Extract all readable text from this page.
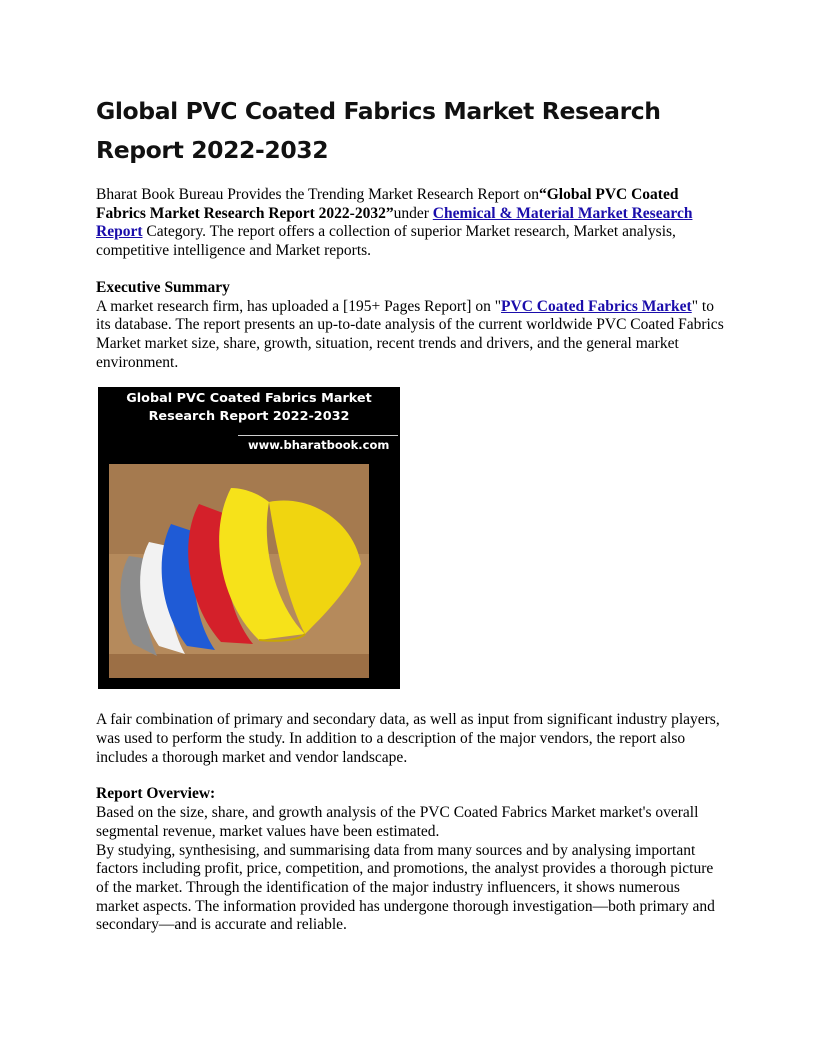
Global PVC Coated Fabrics Market Research Report 2022-2032

Bharat Book Bureau Provides the Trending Market Research Report on“Global PVC Coated Fabrics Market Research Report 2022-2032”under Chemical & Material Market Research Report Category. The report offers a collection of superior Market research, Market analysis, competitive intelligence and Market reports.

Executive Summary

A market research firm, has uploaded a [195+ Pages Report] on "PVC Coated Fabrics Market" to its database. The report presents an up-to-date analysis of the current worldwide PVC Coated Fabrics Market market size, share, growth, situation, recent trends and drivers, and the general market environment.

Global PVC Coated Fabrics Market Research Report 2022-2032
www.bharatbook.com

A fair combination of primary and secondary data, as well as input from significant industry players, was used to perform the study. In addition to a description of the major vendors, the report also includes a thorough market and vendor landscape.

Report Overview:

Based on the size, share, and growth analysis of the PVC Coated Fabrics Market market's overall segmental revenue, market values have been estimated.

By studying, synthesising, and summarising data from many sources and by analysing important factors including profit, price, competition, and promotions, the analyst provides a thorough picture of the market. Through the identification of the major industry influencers, it shows numerous market aspects. The information provided has undergone thorough investigation—both primary and secondary—and is accurate and reliable.
